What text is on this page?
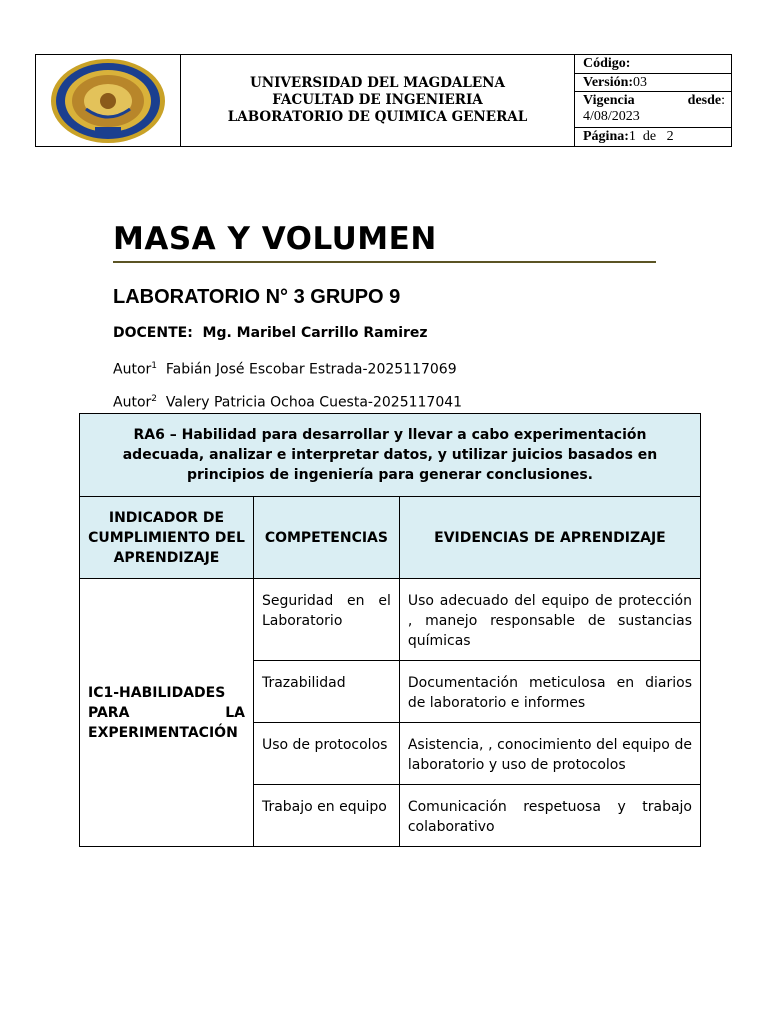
UNIVERSIDAD DEL MAGDALENA
FACULTAD DE INGENIERIA
LABORATORIO DE QUIMICA GENERAL
Código:
Versión:03
Vigencia	desde:
4/08/2023
Página:1  de   2
MASA Y VOLUMEN
LABORATORIO N° 3 GRUPO 9
DOCENTE:  Mg. Maribel Carrillo Ramirez
Autor$^1$ Fabián José Escobar Estrada-2025117069
Autor$^2$ Valery Patricia Ochoa Cuesta-2025117041
RA6 – Habilidad para desarrollar y llevar a cabo experimentación adecuada, analizar e interpretar datos, y utilizar juicios basados en principios de ingeniería para generar conclusiones.		
INDICADOR DE CUMPLIMIENTO DEL APRENDIZAJE	COMPETENCIAS	EVIDENCIAS DE APRENDIZAJE

IC1-HABILIDADES PARA LA EXPERIMENTACIÓN	Seguridad en el Laboratorio	Uso adecuado del equipo de protección , manejo responsable de sustancias químicas
	Trazabilidad	Documentación meticulosa en diarios de laboratorio e informes
	Uso de protocolos	Asistencia, , conocimiento del equipo de laboratorio y uso de protocolos
	Trabajo en equipo	Comunicación respetuosa y trabajo colaborativo
